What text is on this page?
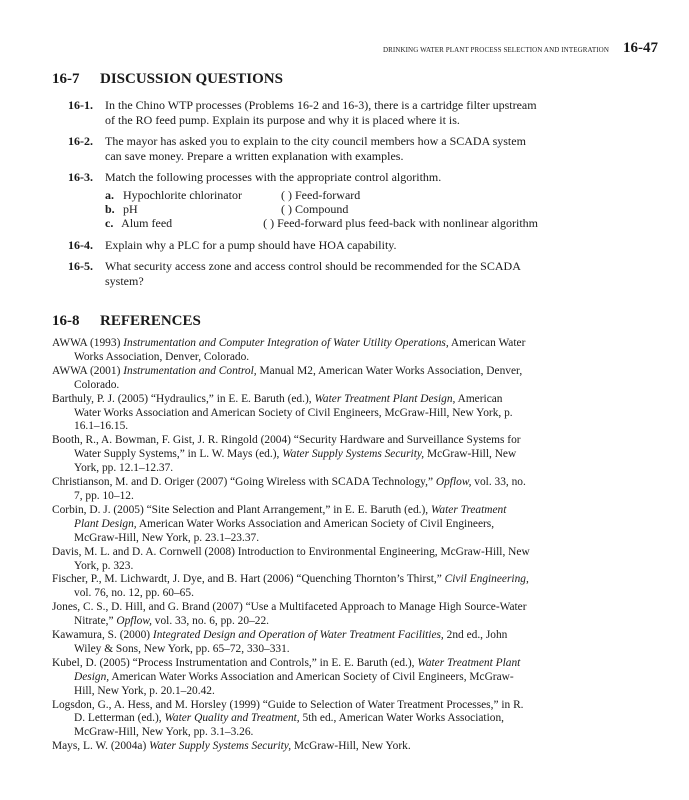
DRINKING WATER PLANT PROCESS SELECTION AND INTEGRATION 16-47
16-7	DISCUSSION QUESTIONS
16-1.	In the Chino WTP processes (Problems 16-2 and 16-3), there is a cartridge filter upstream of the RO feed pump. Explain its purpose and why it is placed where it is.
16-2.	The mayor has asked you to explain to the city council members how a SCADA system can save money. Prepare a written explanation with examples.
16-3.	Match the following processes with the appropriate control algorithm.
a. Hypochlorite chlorinator	( ) Feed-forward
b. pH	( ) Compound
c. Alum feed	( ) Feed-forward plus feed-back with nonlinear algorithm
16-4.	Explain why a PLC for a pump should have HOA capability.
16-5.	What security access zone and access control should be recommended for the SCADA system?
16-8	REFERENCES

AWWA (1993) Instrumentation and Computer Integration of Water Utility Operations, American Water Works Association, Denver, Colorado.

AWWA (2001) Instrumentation and Control, Manual M2, American Water Works Association, Denver, Colorado.

Barthuly, P. J. (2005) “Hydraulics,” in E. E. Baruth (ed.), Water Treatment Plant Design, American Water Works Association and American Society of Civil Engineers, McGraw-Hill, New York, p. 16.1–16.15.

Booth, R., A. Bowman, F. Gist, J. R. Ringold (2004) “Security Hardware and Surveillance Systems for Water Supply Systems,” in L. W. Mays (ed.), Water Supply Systems Security, McGraw-Hill, New York, pp. 12.1–12.37.

Christianson, M. and D. Origer (2007) “Going Wireless with SCADA Technology,” Opflow, vol. 33, no. 7, pp. 10–12.

Corbin, D. J. (2005) “Site Selection and Plant Arrangement,” in E. E. Baruth (ed.), Water Treatment Plant Design, American Water Works Association and American Society of Civil Engineers, McGraw-Hill, New York, p. 23.1–23.37.

Davis, M. L. and D. A. Cornwell (2008) Introduction to Environmental Engineering, McGraw-Hill, New York, p. 323.

Fischer, P., M. Lichwardt, J. Dye, and B. Hart (2006) “Quenching Thornton’s Thirst,” Civil Engineering, vol. 76, no. 12, pp. 60–65.

Jones, C. S., D. Hill, and G. Brand (2007) “Use a Multifaceted Approach to Manage High Source-Water Nitrate,” Opflow, vol. 33, no. 6, pp. 20–22.

Kawamura, S. (2000) Integrated Design and Operation of Water Treatment Facilities, 2nd ed., John Wiley & Sons, New York, pp. 65–72, 330–331.

Kubel, D. (2005) “Process Instrumentation and Controls,” in E. E. Baruth (ed.), Water Treatment Plant Design, American Water Works Association and American Society of Civil Engineers, McGraw-Hill, New York, p. 20.1–20.42.

Logsdon, G., A. Hess, and M. Horsley (1999) “Guide to Selection of Water Treatment Processes,” in R. D. Letterman (ed.), Water Quality and Treatment, 5th ed., American Water Works Association, McGraw-Hill, New York, pp. 3.1–3.26.

Mays, L. W. (2004a) Water Supply Systems Security, McGraw-Hill, New York.
